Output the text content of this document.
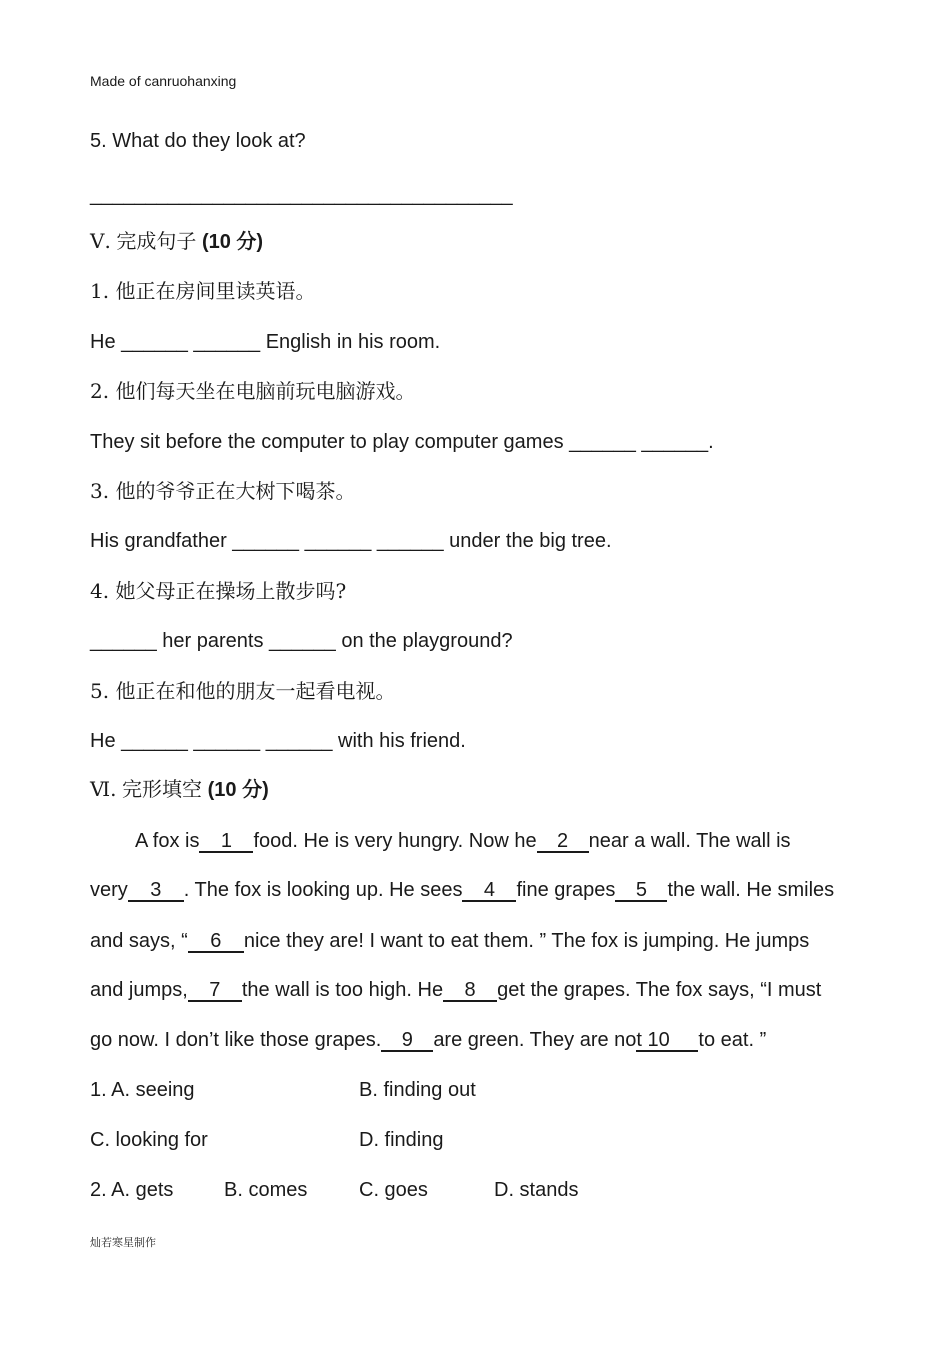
Made of canruohanxing
5. What do they look at?
______________________________________
Ⅴ. 完成句子 (10 分)
1. 他正在房间里读英语。
He ______ ______ English in his room.
2. 他们每天坐在电脑前玩电脑游戏。
They sit before the computer to play computer games ______ ______.
3. 他的爷爷正在大树下喝茶。
His grandfather ______ ______ ______ under the big tree.
4. 她父母正在操场上散步吗?
______ her parents ______ on the playground?
5. 他正在和他的朋友一起看电视。
He ______ ______ ______ with his friend.
Ⅵ. 完形填空 (10 分)
A fox is 1 food. He is very hungry. Now he 2 near a wall. The wall is
very 3 . The fox is looking up. He sees 4 fine grapes 5 the wall. He smiles
and says, “ 6 nice they are! I want to eat them. ” The fox is jumping. He jumps
and jumps, 7 the wall is too high. He 8 get the grapes. The fox says, “I must
go now. I don’t like those grapes. 9 are green. They are not 10 to eat. ”
1. A. seeing	B. finding out
C. looking for	D. finding
2. A. gets	B. comes	C. goes	D. stands
灿若寒星制作
